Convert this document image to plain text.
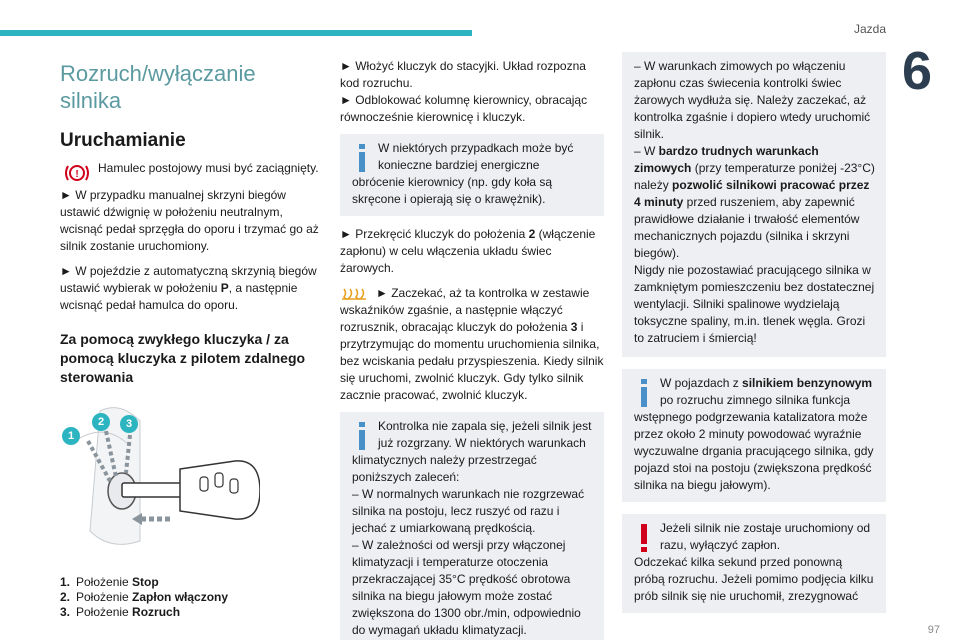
Jazda
6
97
Rozruch/wyłączanie silnika
Uruchamianie
! Hamulec postojowy musi być zaciągnięty.

► W przypadku manualnej skrzyni biegów ustawić dźwignię w położeniu neutralnym, wcisnąć pedał sprzęgła do oporu i trzymać go aż silnik zostanie uruchomiony.

► W pojeździe z automatyczną skrzynią biegów ustawić wybierak w położeniu P, a następnie wcisnąć pedał hamulca do oporu.

Za pomocą zwykłego kluczyka / za pomocą kluczyka z pilotem zdalnego sterowania
1
2	3
1. Położenie Stop
2. Położenie Zapłon włączony
3. Położenie Rozruch

► Włożyć kluczyk do stacyjki. Układ rozpozna kod rozruchu.

► Odblokować kolumnę kierownicy, obracając równocześnie kierownicę i kluczyk.

W niektórych przypadkach może być konieczne bardziej energiczne obrócenie kierownicy (np. gdy koła są skręcone i opierają się o krawężnik).

► Przekręcić kluczyk do położenia 2 (włączenie zapłonu) w celu włączenia układu świec żarowych.

► Zaczekać, aż ta kontrolka w zestawie wskaźników zgaśnie, a następnie włączyć rozrusznik, obracając kluczyk do położenia 3 i przytrzymując do momentu uruchomienia silnika, bez wciskania pedału przyspieszenia. Kiedy silnik się uruchomi, zwolnić kluczyk. Gdy tylko silnik zacznie pracować, zwolnić kluczyk.

Kontrolka nie zapala się, jeżeli silnik jest już rozgrzany. W niektórych warunkach klimatycznych należy przestrzegać poniższych zaleceń:
– W normalnych warunkach nie rozgrzewać silnika na postoju, lecz ruszyć od razu i jechać z umiarkowaną prędkością.
– W zależności od wersji przy włączonej klimatyzacji i temperaturze otoczenia przekraczającej 35°C prędkość obrotowa silnika na biegu jałowym może zostać zwiększona do 1300 obr./min, odpowiednio do wymagań układu klimatyzacji.
– W warunkach zimowych po włączeniu zapłonu czas świecenia kontrolki świec żarowych wydłuża się. Należy zaczekać, aż kontrolka zgaśnie i dopiero wtedy uruchomić silnik.
– W bardzo trudnych warunkach zimowych (przy temperaturze poniżej -23°C) należy pozwolić silnikowi pracować przez 4 minuty przed ruszeniem, aby zapewnić prawidłowe działanie i trwałość elementów mechanicznych pojazdu (silnika i skrzyni biegów).
Nigdy nie pozostawiać pracującego silnika w zamkniętym pomieszczeniu bez dostatecznej wentylacji. Silniki spalinowe wydzielają toksyczne spaliny, m.in. tlenek węgla. Grozi to zatruciem i śmiercią!
W pojazdach z silnikiem benzynowym po rozruchu zimnego silnika funkcja wstępnego podgrzewania katalizatora może przez około 2 minuty powodować wyraźnie wyczuwalne drgania pracującego silnika, gdy pojazd stoi na postoju (zwiększona prędkość silnika na biegu jałowym).
Jeżeli silnik nie zostaje uruchomiony od razu, wyłączyć zapłon.
Odczekać kilka sekund przed ponowną próbą rozruchu. Jeżeli pomimo podjęcia kilku prób silnik się nie uruchomił, zrezygnować
